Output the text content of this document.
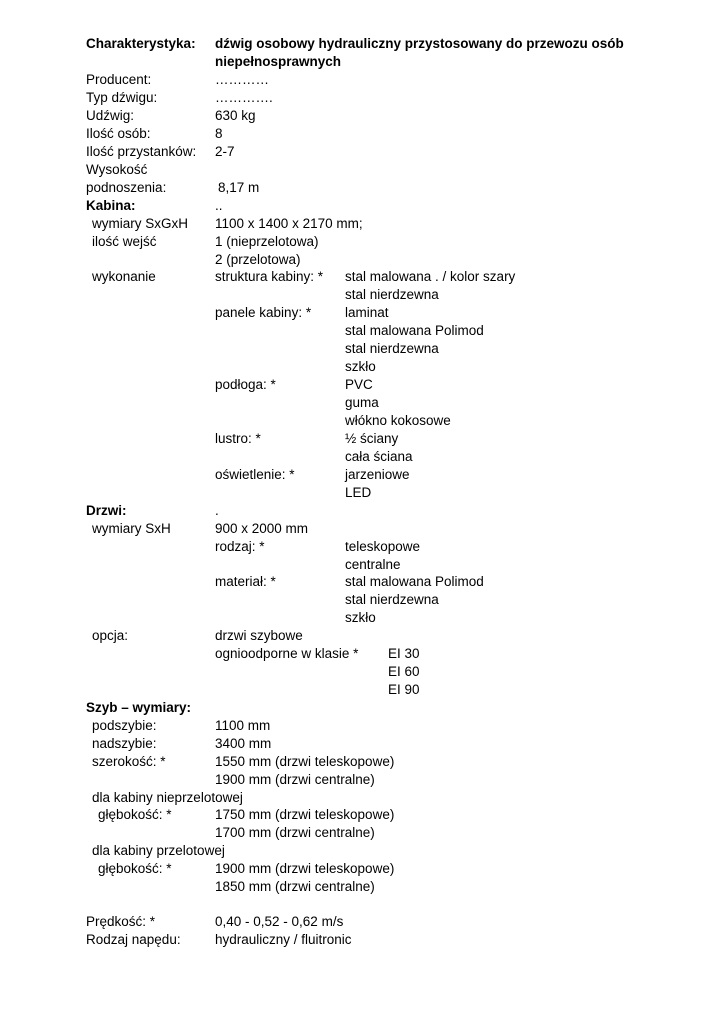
Charakterystyka: dźwig osobowy hydrauliczny przystosowany do przewozu osób
niepełnosprawnych
Producent:	…………
Typ dźwigu:	………….
Udźwig:	630 kg
Ilość osób:	8
Ilość przystanków: 2-7
Wysokość
podnoszenia:	8,17 m
Kabina:	..
wymiary SxGxH 1100 x 1400 x 2170 mm;
ilość wejść	1 (nieprzelotowa)
2 (przelotowa)
wykonanie	struktura kabiny: * stal malowana . / kolor szary
stal nierdzewna
panele kabiny: *	laminat
stal malowana Polimod
stal nierdzewna
szkło
podłoga: *	PVC
guma
włókno kokosowe
lustro: *	½ ściany
cała ściana
oświetlenie: *	jarzeniowe
LED
Drzwi:	.
wymiary SxH	900 x 2000 mm
rodzaj: *	teleskopowe
centralne
materiał: *	stal malowana Polimod
stal nierdzewna
szkło
opcja:	drzwi szybowe
ognioodporne w klasie * EI 30
EI 60
EI 90
Szyb – wymiary:
podszybie:	1100 mm
nadszybie:	3400 mm
szerokość: *	1550 mm (drzwi teleskopowe)
1900 mm (drzwi centralne)
dla kabiny nieprzelotowej
głębokość: *	1750 mm (drzwi teleskopowe)
1700 mm (drzwi centralne)
dla kabiny przelotowej
głębokość: *	1900 mm (drzwi teleskopowe)
1850 mm (drzwi centralne)
Prędkość: *	0,40 - 0,52 - 0,62 m/s
Rodzaj napędu:	hydrauliczny / fluitronic
